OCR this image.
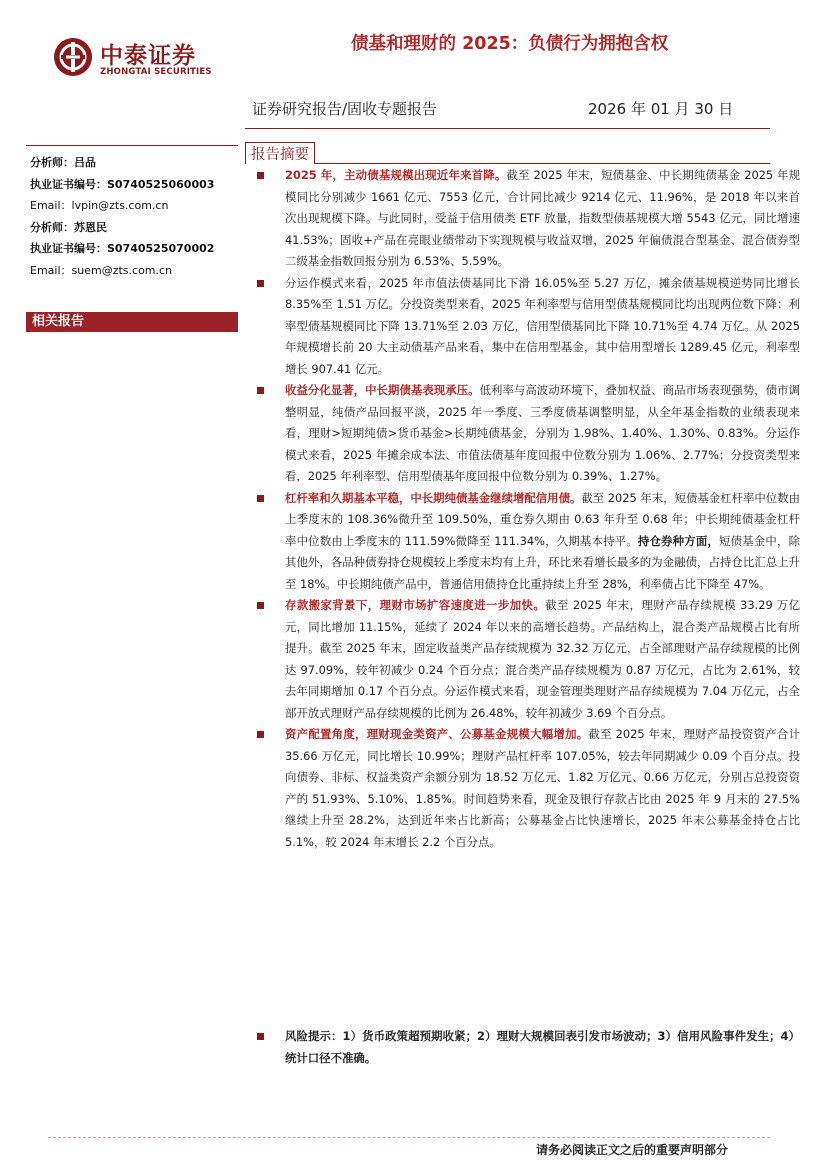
中泰证券
ZHONGTAI SECURITIES
债基和理财的 2025：负债行为拥抱含权
证券研究报告/固收专题报告	2026 年 01 月 30 日
分析师：吕品
执业证书编号：S0740525060003
Email：lvpin@zts.com.cn
分析师：苏恩民
执业证书编号：S0740525070002
Email：suem@zts.com.cn
相关报告
报告摘要

2025 年，主动债基规模出现近年来首降。截至 2025 年末，短债基金、中长期纯债基金 2025 年规模同比分别减少 1661 亿元、7553 亿元，合计同比减少 9214 亿元、11.96%，是 2018 年以来首次出现规模下降。与此同时，受益于信用债类 ETF 放量，指数型债基规模大增 5543 亿元，同比增速 41.53%；固收+产品在亮眼业绩带动下实现规模与收益双增，2025 年偏债混合型基金、混合债券型二级基金指数回报分别为 6.53%、5.59%。

分运作模式来看，2025 年市值法债基同比下滑 16.05%至 5.27 万亿，摊余债基规模逆势同比增长 8.35%至 1.51 万亿。分投资类型来看，2025 年利率型与信用型债基规模同比均出现两位数下降：利率型债基规模同比下降 13.71%至 2.03 万亿，信用型债基同比下降 10.71%至 4.74 万亿。从 2025 年规模增长前 20 大主动债基产品来看，集中在信用型基金，其中信用型增长 1289.45 亿元，利率型增长 907.41 亿元。

收益分化显著，中长期债基表现承压。低利率与高波动环境下，叠加权益、商品市场表现强势，债市调整明显，纯债产品回报平淡，2025 年一季度、三季度债基调整明显，从全年基金指数的业绩表现来看，理财>短期纯债>货币基金>长期纯债基金，分别为 1.98%、1.40%、1.30%、0.83%。分运作模式来看，2025 年摊余成本法、市值法债基年度回报中位数分别为 1.06%、2.77%；分投资类型来看，2025 年利率型、信用型债基年度回报中位数分别为 0.39%、1.27%。

杠杆率和久期基本平稳，中长期纯债基金继续增配信用债。截至 2025 年末，短债基金杠杆率中位数由上季度末的 108.36%微升至 109.50%，重仓券久期由 0.63 年升至 0.68 年；中长期纯债基金杠杆率中位数由上季度末的 111.59%微降至 111.34%，久期基本持平。持仓券种方面，短债基金中，除其他外，各品种债券持仓规模较上季度末均有上升，环比来看增长最多的为金融债，占持仓比汇总上升至 18%。中长期纯债产品中，普通信用债持仓比重持续上升至 28%，利率债占比下降至 47%。

存款搬家背景下，理财市场扩容速度进一步加快。截至 2025 年末，理财产品存续规模 33.29 万亿元，同比增加 11.15%，延续了 2024 年以来的高增长趋势。产品结构上，混合类产品规模占比有所提升。截至 2025 年末，固定收益类产品存续规模为 32.32 万亿元，占全部理财产品存续规模的比例达 97.09%，较年初减少 0.24 个百分点；混合类产品存续规模为 0.87 万亿元，占比为 2.61%，较去年同期增加 0.17 个百分点。分运作模式来看，现金管理类理财产品存续规模为 7.04 万亿元，占全部开放式理财产品存续规模的比例为 26.48%，较年初减少 3.69 个百分点。

资产配置角度，理财现金类资产、公募基金规模大幅增加。截至 2025 年末，理财产品投资资产合计 35.66 万亿元，同比增长 10.99%；理财产品杠杆率 107.05%，较去年同期减少 0.09 个百分点。投向债券、非标、权益类资产余额分别为 18.52 万亿元、1.82 万亿元、0.66 万亿元，分别占总投资资产的 51.93%、5.10%、1.85%。时间趋势来看，现金及银行存款占比由 2025 年 9 月末的 27.5%继续上升至 28.2%，达到近年来占比新高；公募基金占比快速增长，2025 年末公募基金持仓占比 5.1%，较 2024 年末增长 2.2 个百分点。

风险提示：1）货币政策超预期收紧；2）理财大规模回表引发市场波动；3）信用风险事件发生；4）统计口径不准确。

请务必阅读正文之后的重要声明部分
